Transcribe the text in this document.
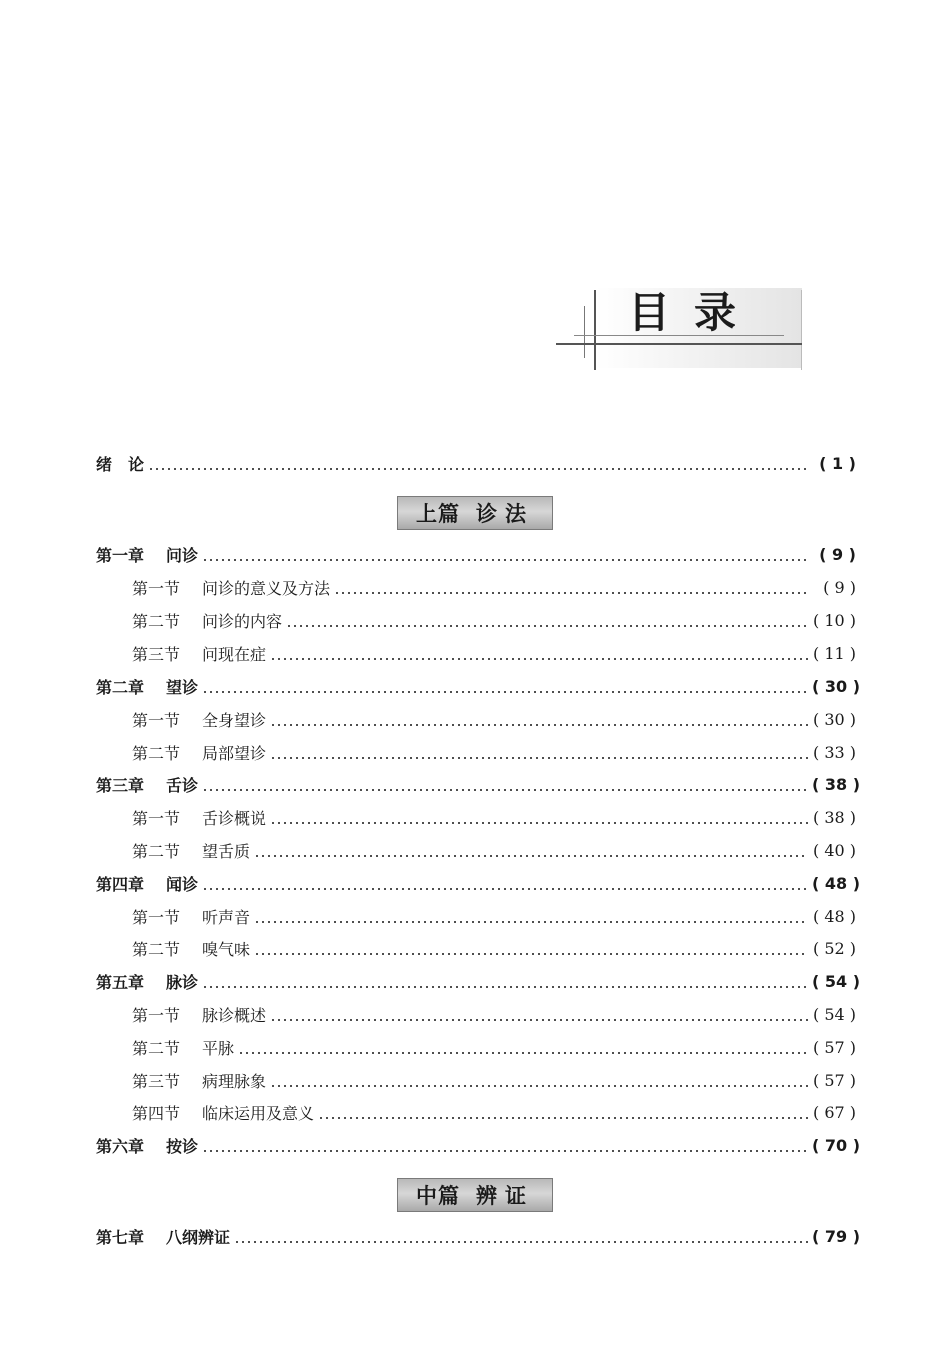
目录
绪　论	( 1 )
第一章	问诊	( 9 )
第一节	问诊的意义及方法	( 9 )
第二节	问诊的内容	( 10 )
第三节	问现在症	( 11 )
第二章	望诊	( 30 )
第一节	全身望诊	( 30 )
第二节	局部望诊	( 33 )
第三章	舌诊	( 38 )
第一节	舌诊概说	( 38 )
第二节	望舌质	( 40 )
第四章	闻诊	( 48 )
第一节	听声音	( 48 )
第二节	嗅气味	( 52 )
第五章	脉诊	( 54 )
第一节	脉诊概述	( 54 )
第二节	平脉	( 57 )
第三节	病理脉象	( 57 )
第四节	临床运用及意义	( 67 )
第六章	按诊	( 70 )
第七章	八纲辨证	( 79 )
上篇 诊法
中篇 辨证
